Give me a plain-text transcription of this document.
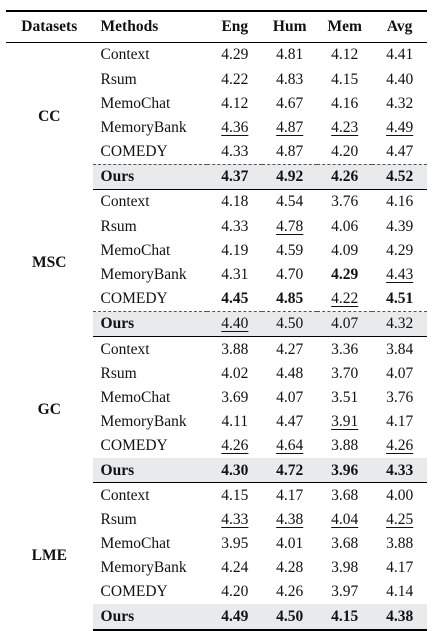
Datasets	Methods	Eng	Hum	Mem	Avg
CC	Context	4.29	4.81	4.12	4.41
	Rsum	4.22	4.83	4.15	4.40
	MemoChat	4.12	4.67	4.16	4.32
	MemoryBank	4.36	4.87	4.23	4.49
	COMEDY	4.33	4.87	4.20	4.47
	Ours	4.37	4.92	4.26	4.52
MSC	Context	4.18	4.54	3.76	4.16
	Rsum	4.33	4.78	4.06	4.39
	MemoChat	4.19	4.59	4.09	4.29
	MemoryBank	4.31	4.70	4.29	4.43
	COMEDY	4.45	4.85	4.22	4.51
	Ours	4.40	4.50	4.07	4.32
GC	Context	3.88	4.27	3.36	3.84
	Rsum	4.02	4.48	3.70	4.07
	MemoChat	3.69	4.07	3.51	3.76
	MemoryBank	4.11	4.47	3.91	4.17
	COMEDY	4.26	4.64	3.88	4.26
	Ours	4.30	4.72	3.96	4.33
LME	Context	4.15	4.17	3.68	4.00
	Rsum	4.33	4.38	4.04	4.25
	MemoChat	3.95	4.01	3.68	3.88
	MemoryBank	4.24	4.28	3.98	4.17
	COMEDY	4.20	4.26	3.97	4.14
	Ours	4.49	4.50	4.15	4.38
